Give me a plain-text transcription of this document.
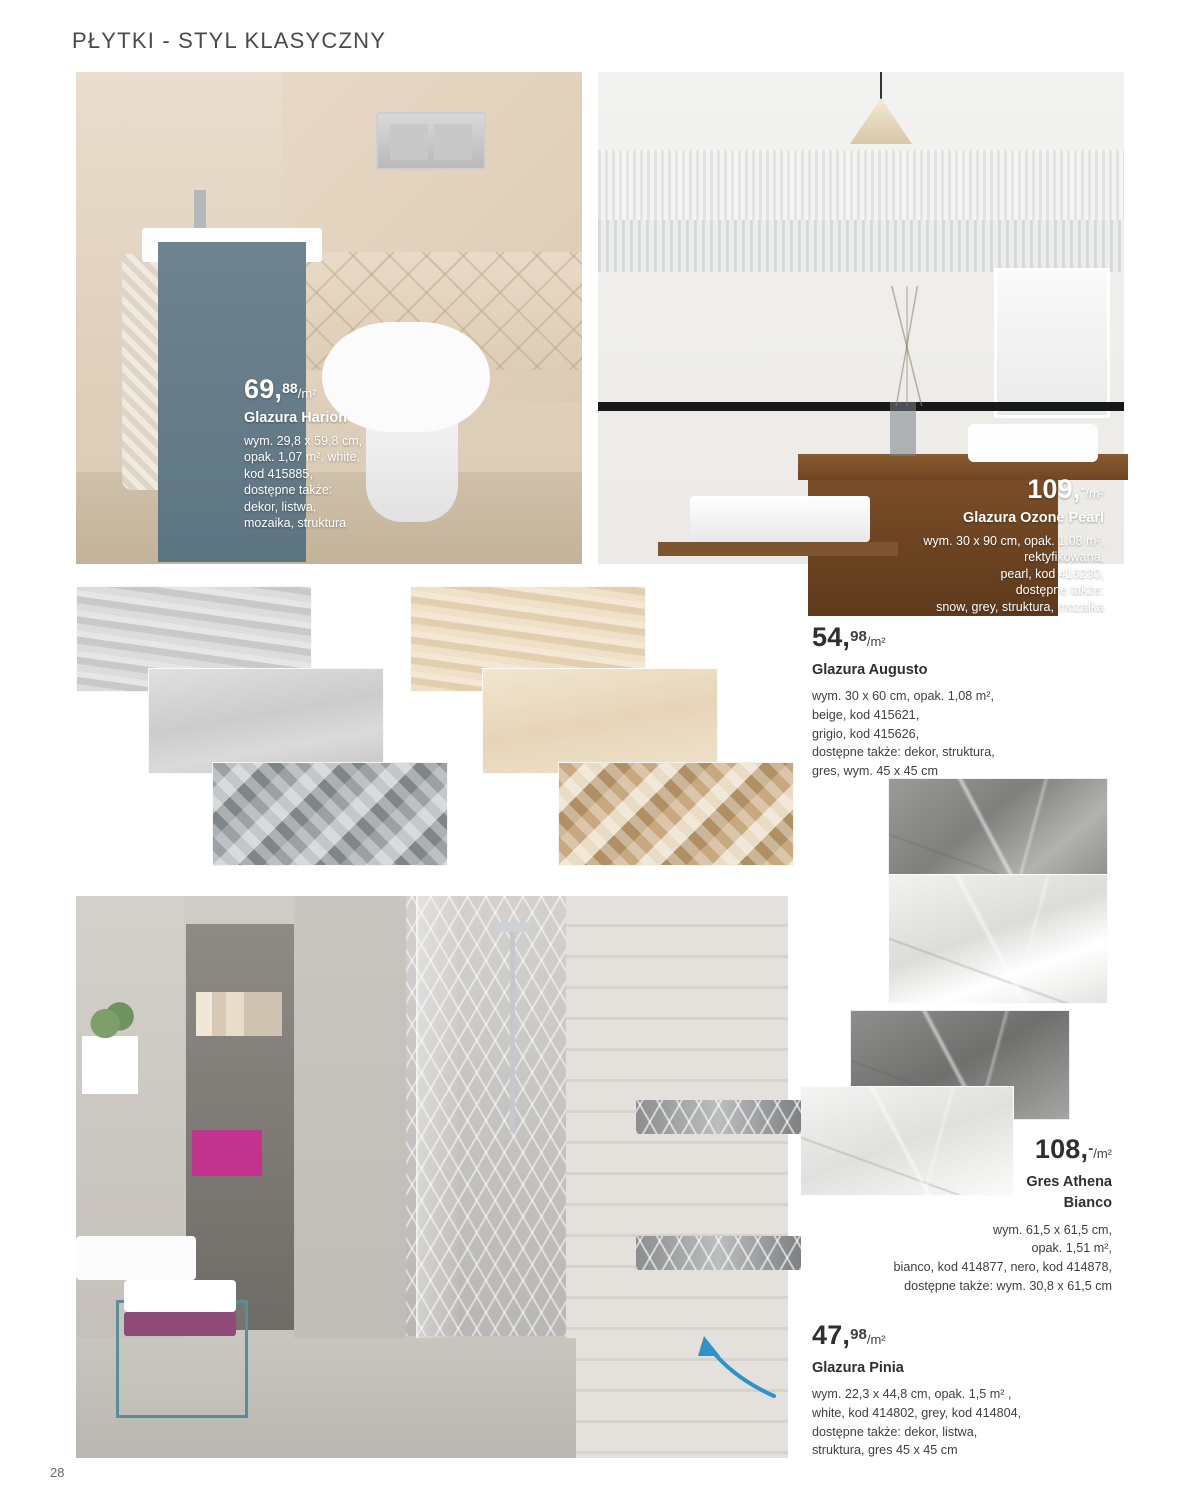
PŁYTKI - STYL KLASYCZNY
69,88/m²
Glazura Harion
wym. 29,8 x 59,8 cm,
opak. 1,07 m², white,
kod 415885,
dostępne także:
dekor, listwa,
mozaika, struktura
109,-/m²
Glazura Ozone Pearl
wym. 30 x 90 cm, opak. 1,08 m²,
rektyfikowana,
pearl, kod 416230,
dostępne także:
snow, grey, struktura, mozaika
54,98/m²
Glazura Augusto
wym. 30 x 60 cm, opak. 1,08 m²,
beige, kod 415621,
grigio, kod 415626,
dostępne także: dekor, struktura,
gres, wym. 45 x 45 cm
108,-/m²
Gres Athena
Bianco
wym. 61,5 x 61,5 cm,
opak. 1,51 m²,
bianco, kod 414877, nero, kod 414878,
dostępne także: wym. 30,8 x 61,5 cm
47,98/m²
Glazura Pinia
wym. 22,3 x 44,8 cm, opak. 1,5 m² ,
white, kod 414802, grey, kod 414804,
dostępne także: dekor, listwa,
struktura, gres 45 x 45 cm
28
